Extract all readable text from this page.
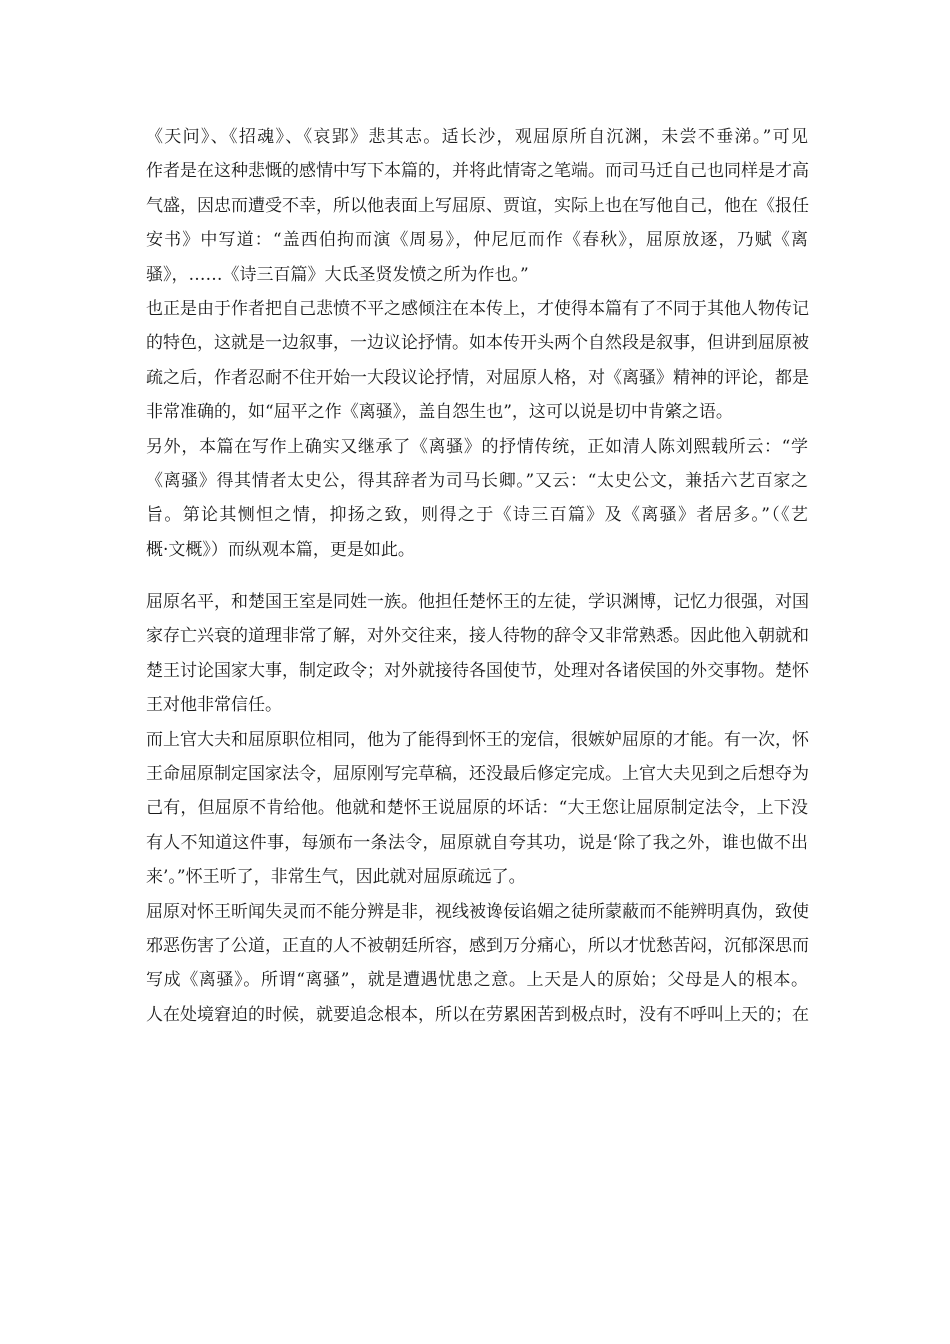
《天问》、《招魂》、《哀郢》悲其志。适长沙，观屈原所自沉渊，未尝不垂涕。”可见
作者是在这种悲慨的感情中写下本篇的，并将此情寄之笔端。而司马迁自己也同样是才高
气盛，因忠而遭受不幸，所以他表面上写屈原、贾谊，实际上也在写他自己，他在《报任
安书》中写道：“盖西伯拘而演《周易》，仲尼厄而作《春秋》，屈原放逐，乃赋《离
骚》，……《诗三百篇》大氐圣贤发愤之所为作也。”
也正是由于作者把自己悲愤不平之感倾注在本传上，才使得本篇有了不同于其他人物传记
的特色，这就是一边叙事，一边议论抒情。如本传开头两个自然段是叙事，但讲到屈原被
疏之后，作者忍耐不住开始一大段议论抒情，对屈原人格，对《离骚》精神的评论，都是
非常准确的，如“屈平之作《离骚》，盖自怨生也”，这可以说是切中肯綮之语。
另外，本篇在写作上确实又继承了《离骚》的抒情传统，正如清人陈刘熙载所云：“学
《离骚》得其情者太史公，得其辞者为司马长卿。”又云：“太史公文，兼括六艺百家之
旨。第论其恻怛之情，抑扬之致，则得之于《诗三百篇》及《离骚》者居多。”（《艺
概·文概》）而纵观本篇，更是如此。
屈原名平，和楚国王室是同姓一族。他担任楚怀王的左徒，学识渊博，记忆力很强，对国
家存亡兴衰的道理非常了解，对外交往来，接人待物的辞令又非常熟悉。因此他入朝就和
楚王讨论国家大事，制定政令；对外就接待各国使节，处理对各诸侯国的外交事物。楚怀
王对他非常信任。
而上官大夫和屈原职位相同，他为了能得到怀王的宠信，很嫉妒屈原的才能。有一次，怀
王命屈原制定国家法令，屈原刚写完草稿，还没最后修定完成。上官大夫见到之后想夺为
己有，但屈原不肯给他。他就和楚怀王说屈原的坏话：“大王您让屈原制定法令，上下没
有人不知道这件事，每颁布一条法令，屈原就自夸其功，说是‘除了我之外，谁也做不出
来’。”怀王听了，非常生气，因此就对屈原疏远了。
屈原对怀王昕闻失灵而不能分辨是非，视线被谗佞谄媚之徒所蒙蔽而不能辨明真伪，致使
邪恶伤害了公道，正直的人不被朝廷所容，感到万分痛心，所以才忧愁苦闷，沉郁深思而
写成《离骚》。所谓“离骚”，就是遭遇忧患之意。上天是人的原始；父母是人的根本。
人在处境窘迫的时候，就要追念根本，所以在劳累困苦到极点时，没有不呼叫上天的；在
